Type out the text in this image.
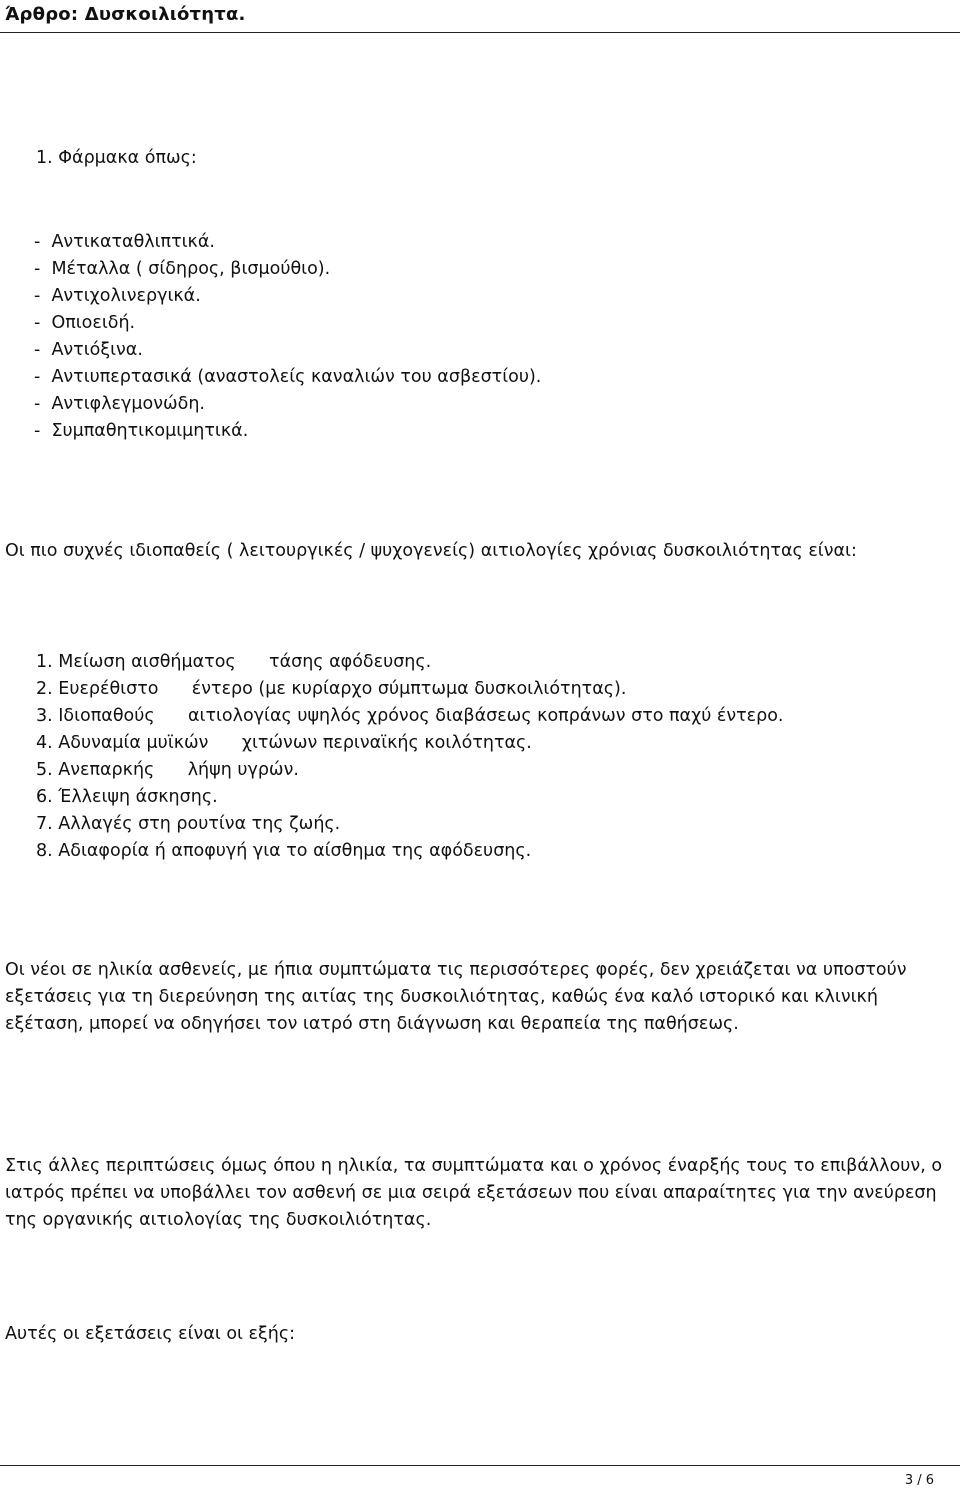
Άρθρο: Δυσκοιλιότητα.
1. Φάρμακα όπως:
-  Αντικαταθλιπτικά.
-  Μέταλλα ( σίδηρος, βισμούθιο).
-  Αντιχολινεργικά.
-  Οπιοειδή.
-  Αντιόξινα.
-  Αντιυπερτασικά (αναστολείς καναλιών του ασβεστίου).
-  Αντιφλεγμονώδη.
-  Συμπαθητικομιμητικά.

Οι πιο συχνές ιδιοπαθείς ( λειτουργικές / ψυχογενείς) αιτιολογίες χρόνιας δυσκοιλιότητας είναι:

1. Μείωση αισθήματος      τάσης αφόδευσης.
2. Ευερέθιστο      έντερο (με κυρίαρχο σύμπτωμα δυσκοιλιότητας).
3. Ιδιοπαθούς      αιτιολογίας υψηλός χρόνος διαβάσεως κοπράνων στο παχύ έντερο.
4. Αδυναμία μυϊκών      χιτώνων περιναϊκής κοιλότητας.
5. Ανεπαρκής      λήψη υγρών.
6. Έλλειψη άσκησης.
7. Αλλαγές στη ρουτίνα της ζωής.
8. Αδιαφορία ή αποφυγή για το αίσθημα της αφόδευσης.

Οι νέοι σε ηλικία ασθενείς, με ήπια συμπτώματα τις περισσότερες φορές, δεν χρειάζεται να υποστούν εξετάσεις για τη διερεύνηση της αιτίας της δυσκοιλιότητας, καθώς ένα καλό ιστορικό και κλινική εξέταση, μπορεί να οδηγήσει τον ιατρό στη διάγνωση και θεραπεία της παθήσεως.

Στις άλλες περιπτώσεις όμως όπου η ηλικία, τα συμπτώματα και ο χρόνος έναρξής τους το επιβάλλουν, ο ιατρός πρέπει να υποβάλλει τον ασθενή σε μια σειρά εξετάσεων που είναι απαραίτητες για την ανεύρεση της οργανικής αιτιολογίας της δυσκοιλιότητας.

Αυτές οι εξετάσεις είναι οι εξής:
3 / 6
